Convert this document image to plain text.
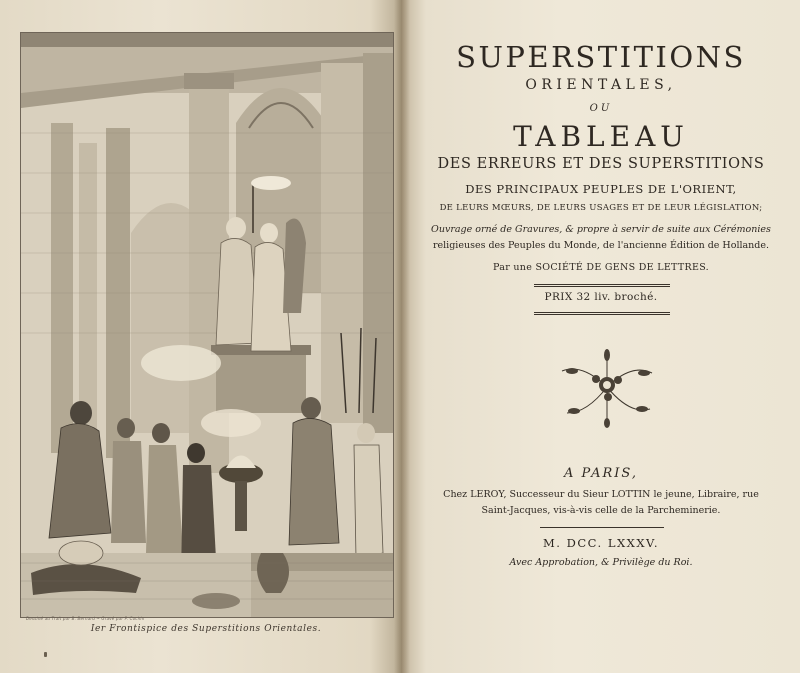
Dessiné au Trait par B. Bernard ~ Gravé par P. Cochin
Ier Frontispice des Superstitions Orientales.
SUPERSTITIONS
ORIENTALES,
OU
TABLEAU
DES ERREURS ET DES SUPERSTITIONS
DES PRINCIPAUX PEUPLES DE L'ORIENT,
DE LEURS MŒURS, DE LEURS USAGES ET DE LEUR LÉGISLATION;
Ouvrage orné de Gravures, & propre à servir de suite aux Cérémonies
religieuses des Peuples du Monde, de l'ancienne Édition de Hollande.
Par une SOCIÉTÉ DE GENS DE LETTRES.
PRIX 32 liv. broché.
A PARIS,
Chez LEROY, Successeur du Sieur LOTTIN le jeune, Libraire, rue
Saint-Jacques, vis-à-vis celle de la Parcheminerie.
M. DCC. LXXXV.
Avec Approbation, & Privilège du Roi.
